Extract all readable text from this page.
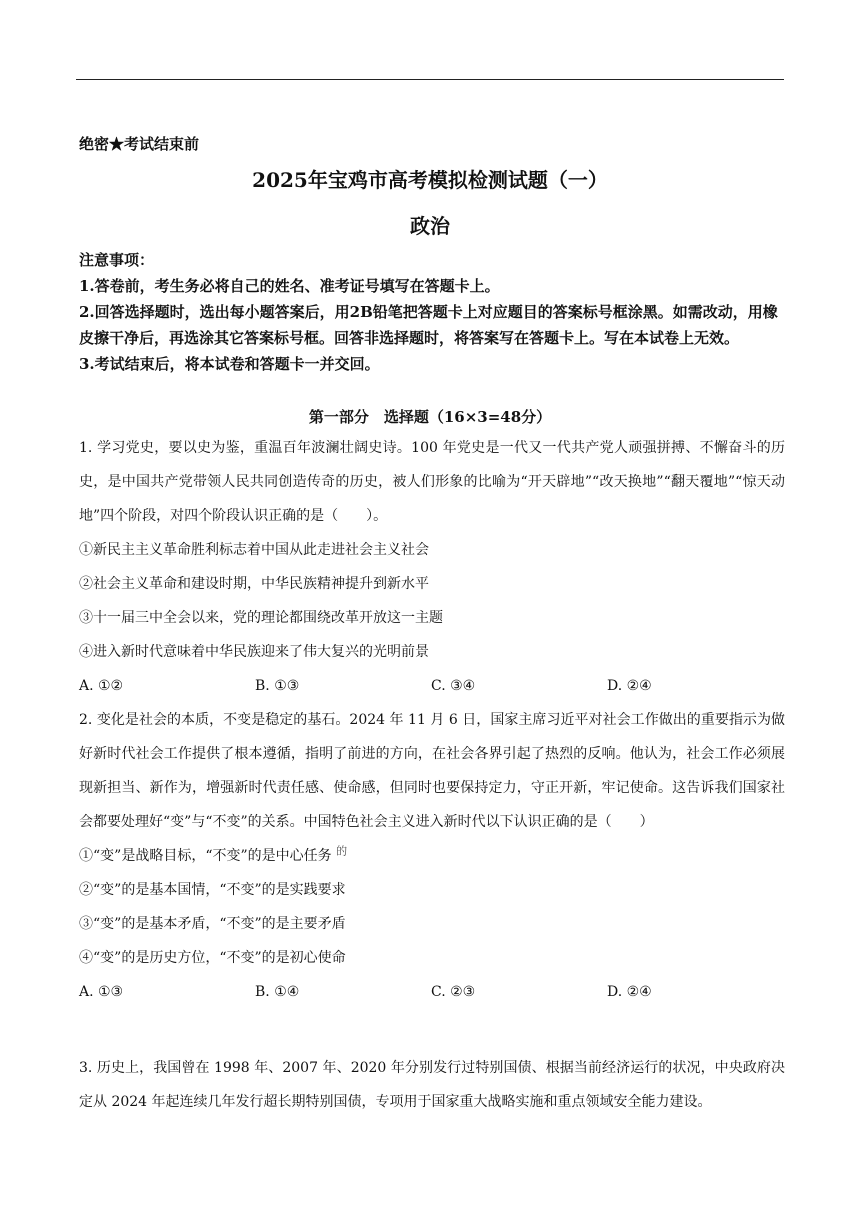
绝密★考试结束前
2025年宝鸡市高考模拟检测试题（一）
政治

注意事项：

1.答卷前，考生务必将自己的姓名、准考证号填写在答题卡上。

2.回答选择题时，选出每小题答案后，用2B铅笔把答题卡上对应题目的答案标号框涂黑。如需改动，用橡皮擦干净后，再选涂其它答案标号框。回答非选择题时，将答案写在答题卡上。写在本试卷上无效。

3.考试结束后，将本试卷和答题卡一并交回。

第一部分　选择题（16×3=48分）

1. 学习党史，要以史为鉴，重温百年波澜壮阔史诗。100 年党史是一代又一代共产党人顽强拼搏、不懈奋斗的历史，是中国共产党带领人民共同创造传奇的历史，被人们形象的比喻为“开天辟地”“改天换地”“翻天覆地”“惊天动地”四个阶段，对四个阶段认识正确的是（　　）。

①新民主主义革命胜利标志着中国从此走进社会主义社会

②社会主义革命和建设时期，中华民族精神提升到新水平

③十一届三中全会以来，党的理论都围绕改革开放这一主题

④进入新时代意味着中华民族迎来了伟大复兴的光明前景

A. ①②	B. ①③	C. ③④	D. ②④

2. 变化是社会的本质，不变是稳定的基石。2024 年 11 月 6 日，国家主席习近平对社会工作做出的重要指示为做好新时代社会工作提供了根本遵循，指明了前进的方向，在社会各界引起了热烈的反响。他认为，社会工作必须展现新担当、新作为，增强新时代责任感、使命感，但同时也要保持定力，守正开新，牢记使命。这告诉我们国家社会都要处理好“变”与“不变”的关系。中国特色社会主义进入新时代以下认识正确的是（　　）

①“变”是战略目标，“不变”的是中心任务 $^的$

②“变”的是基本国情，“不变”的是实践要求

③“变”的是基本矛盾，“不变”的是主要矛盾

④“变”的是历史方位，“不变”的是初心使命

A. ①③	B. ①④	C. ②③	D. ②④

3. 历史上，我国曾在 1998 年、2007 年、2020 年分别发行过特别国债、根据当前经济运行的状况，中央政府决定从 2024 年起连续几年发行超长期特别国债，专项用于国家重大战略实施和重点领域安全能力建设。
